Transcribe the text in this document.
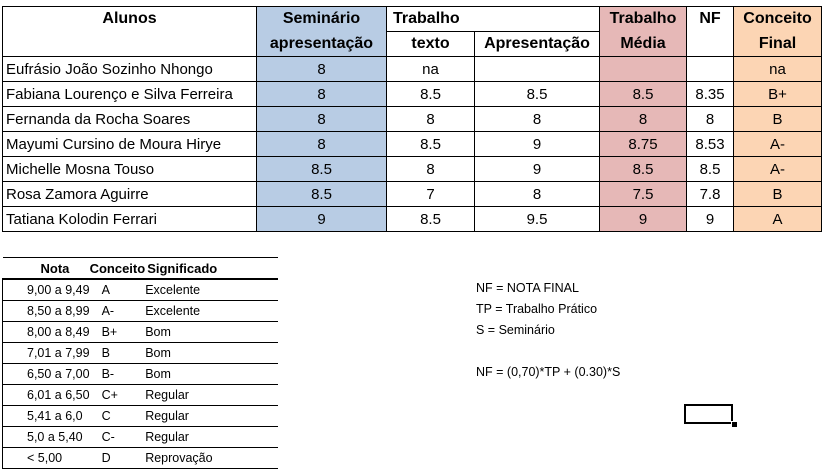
Alunos	Seminário	Trabalho		Trabalho	NF	Conceito
	apresentação	texto	Apresentação	Média		Final
Eufrásio João Sozinho Nhongo	8	na				na
Fabiana Lourenço e Silva Ferreira	8	8.5	8.5	8.5	8.35	B+
Fernanda da Rocha Soares	8	8	8	8	8	B
Mayumi Cursino de Moura Hirye	8	8.5	9	8.75	8.53	A-
Michelle Mosna Touso	8.5	8	9	8.5	8.5	A-
Rosa Zamora Aguirre	8.5	7	8	7.5	7.8	B
Tatiana Kolodin Ferrari	9	8.5	9.5	9	9	A
Nota	Conceito	Significado
9,00 a 9,49	A	Excelente
8,50 a 8,99	A-	Excelente
8,00 a 8,49	B+	Bom
7,01 a 7,99	B	Bom
6,50 a 7,00	B-	Bom
6,01 a 6,50	C+	Regular
5,41 a 6,0	C	Regular
5,0 a 5,40	C-	Regular
< 5,00	D	Reprovação
NF = NOTA FINAL
TP = Trabalho Prático
S = Seminário
NF = (0,70)*TP + (0.30)*S
